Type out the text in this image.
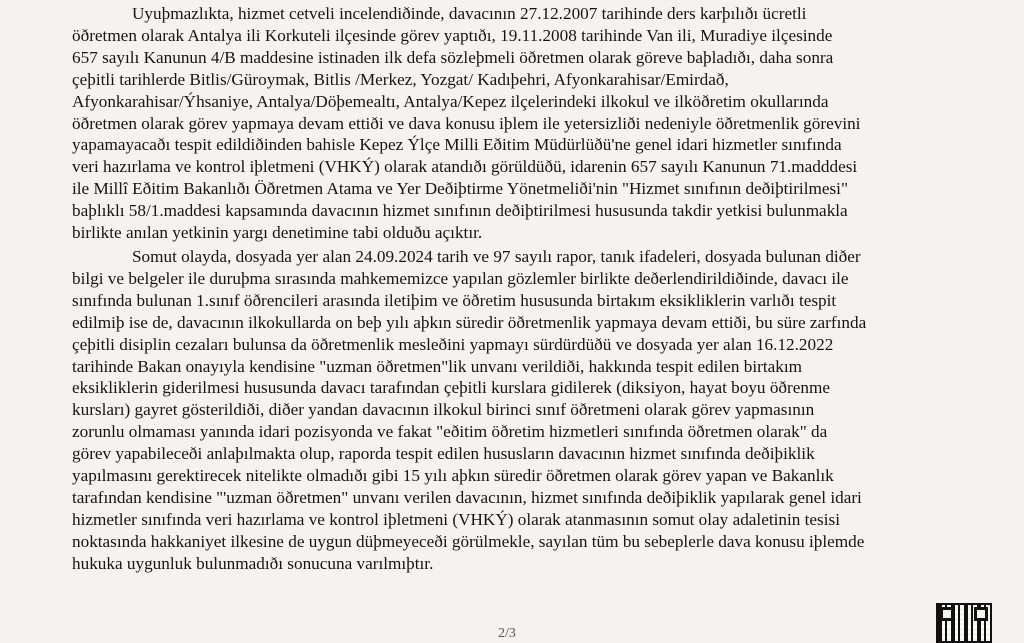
Uyuþmazlıkta, hizmet cetveli incelendiðinde, davacının 27.12.2007 tarihinde ders karþılıðı ücretli

öðretmen olarak Antalya ili Korkuteli ilçesinde görev yaptıðı, 19.11.2008 tarihinde Van ili, Muradiye ilçesinde

657 sayılı Kanunun 4/B maddesine istinaden ilk defa sözleþmeli öðretmen olarak göreve baþladıðı, daha sonra

çeþitli tarihlerde Bitlis/Güroymak, Bitlis /Merkez, Yozgat/ Kadıþehri, Afyonkarahisar/Emirdað,

Afyonkarahisar/Ýhsaniye, Antalya/Döþemealtı, Antalya/Kepez ilçelerindeki ilkokul ve ilköðretim okullarında

öðretmen olarak görev yapmaya devam ettiði ve dava konusu iþlem ile yetersizliði nedeniyle öðretmenlik görevini

yapamayacaðı tespit edildiðinden bahisle Kepez Ýlçe Milli Eðitim Müdürlüðü'ne genel idari hizmetler sınıfında

veri hazırlama ve kontrol iþletmeni (VHKÝ) olarak atandıðı görüldüðü, idarenin 657 sayılı Kanunun 71.madddesi

ile Millî Eðitim Bakanlıðı Öðretmen Atama ve Yer Deðiþtirme Yönetmeliði'nin "Hizmet sınıfının deðiþtirilmesi"

baþlıklı 58/1.maddesi kapsamında davacının hizmet sınıfının deðiþtirilmesi hususunda takdir yetkisi bulunmakla

birlikte anılan yetkinin yargı denetimine tabi olduðu açıktır.

Somut olayda, dosyada yer alan 24.09.2024 tarih ve 97 sayılı rapor, tanık ifadeleri, dosyada bulunan diðer

bilgi ve belgeler ile duruþma sırasında mahkememizce yapılan gözlemler birlikte deðerlendirildiðinde, davacı ile

sınıfında bulunan 1.sınıf öðrencileri arasında iletiþim ve öðretim hususunda birtakım eksikliklerin varlıðı tespit

edilmiþ ise de, davacının ilkokullarda on beþ yılı aþkın süredir öðretmenlik yapmaya devam ettiði, bu süre zarfında

çeþitli disiplin cezaları bulunsa da öðretmenlik mesleðini yapmayı sürdürdüðü ve dosyada yer alan 16.12.2022

tarihinde Bakan onayıyla kendisine "uzman öðretmen"lik unvanı verildiði, hakkında tespit edilen birtakım

eksikliklerin giderilmesi hususunda davacı tarafından çeþitli kurslara gidilerek (diksiyon, hayat boyu öðrenme

kursları) gayret gösterildiði, diðer yandan davacının ilkokul birinci sınıf öðretmeni olarak görev yapmasının

zorunlu olmaması yanında idari pozisyonda ve fakat "eðitim öðretim hizmetleri sınıfında öðretmen olarak" da

görev yapabileceði anlaþılmakta olup, raporda tespit edilen hususların davacının hizmet sınıfında deðiþiklik

yapılmasını gerektirecek nitelikte olmadıðı gibi 15 yılı aþkın süredir öðretmen olarak görev yapan ve Bakanlık

tarafından kendisine "'uzman öðretmen" unvanı verilen davacının, hizmet sınıfında deðiþiklik yapılarak genel idari

hizmetler sınıfında veri hazırlama ve kontrol iþletmeni (VHKÝ) olarak atanmasının somut olay adaletinin tesisi

noktasında hakkaniyet ilkesine de uygun düþmeyeceði görülmekle, sayılan tüm bu sebeplerle dava konusu iþlemde

hukuka uygunluk bulunmadıðı sonucuna varılmıþtır.

2/3
